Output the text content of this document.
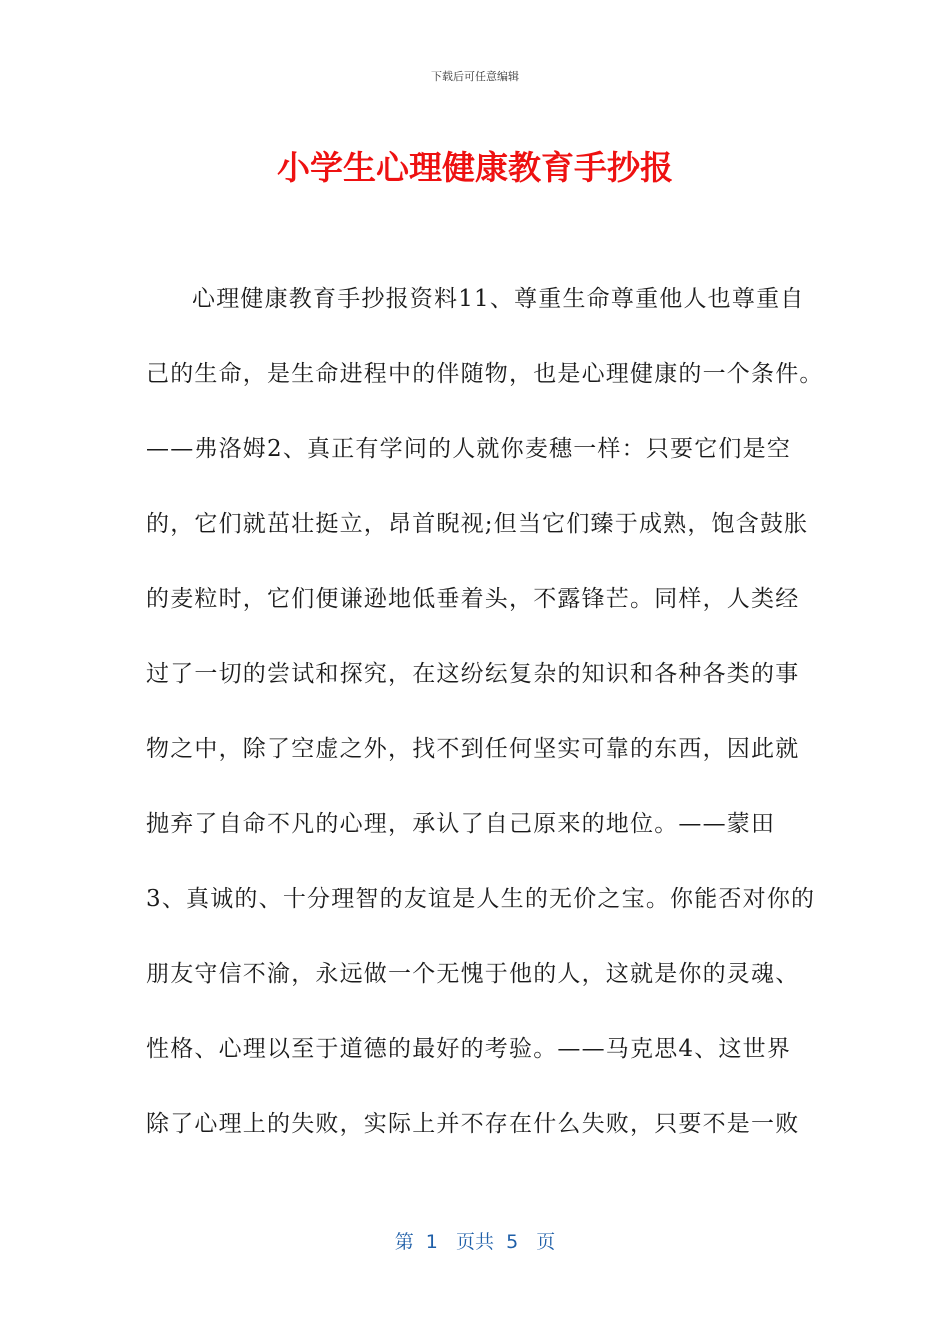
下载后可任意编辑
小学生心理健康教育手抄报
心理健康教育手抄报资料11、尊重生命尊重他人也尊重自
己的生命，是生命进程中的伴随物，也是心理健康的一个条件。
——弗洛姆2、真正有学问的人就你麦穗一样：只要它们是空
的，它们就茁壮挺立，昂首睨视;但当它们臻于成熟，饱含鼓胀
的麦粒时，它们便谦逊地低垂着头，不露锋芒。同样，人类经
过了一切的尝试和探究，在这纷纭复杂的知识和各种各类的事
物之中，除了空虚之外，找不到任何坚实可靠的东西，因此就
抛弃了自命不凡的心理，承认了自己原来的地位。——蒙田
3、真诚的、十分理智的友谊是人生的无价之宝。你能否对你的
朋友守信不渝，永远做一个无愧于他的人，这就是你的灵魂、
性格、心理以至于道德的最好的考验。——马克思4、这世界
除了心理上的失败，实际上并不存在什么失败，只要不是一败
第  1   页共  5   页
